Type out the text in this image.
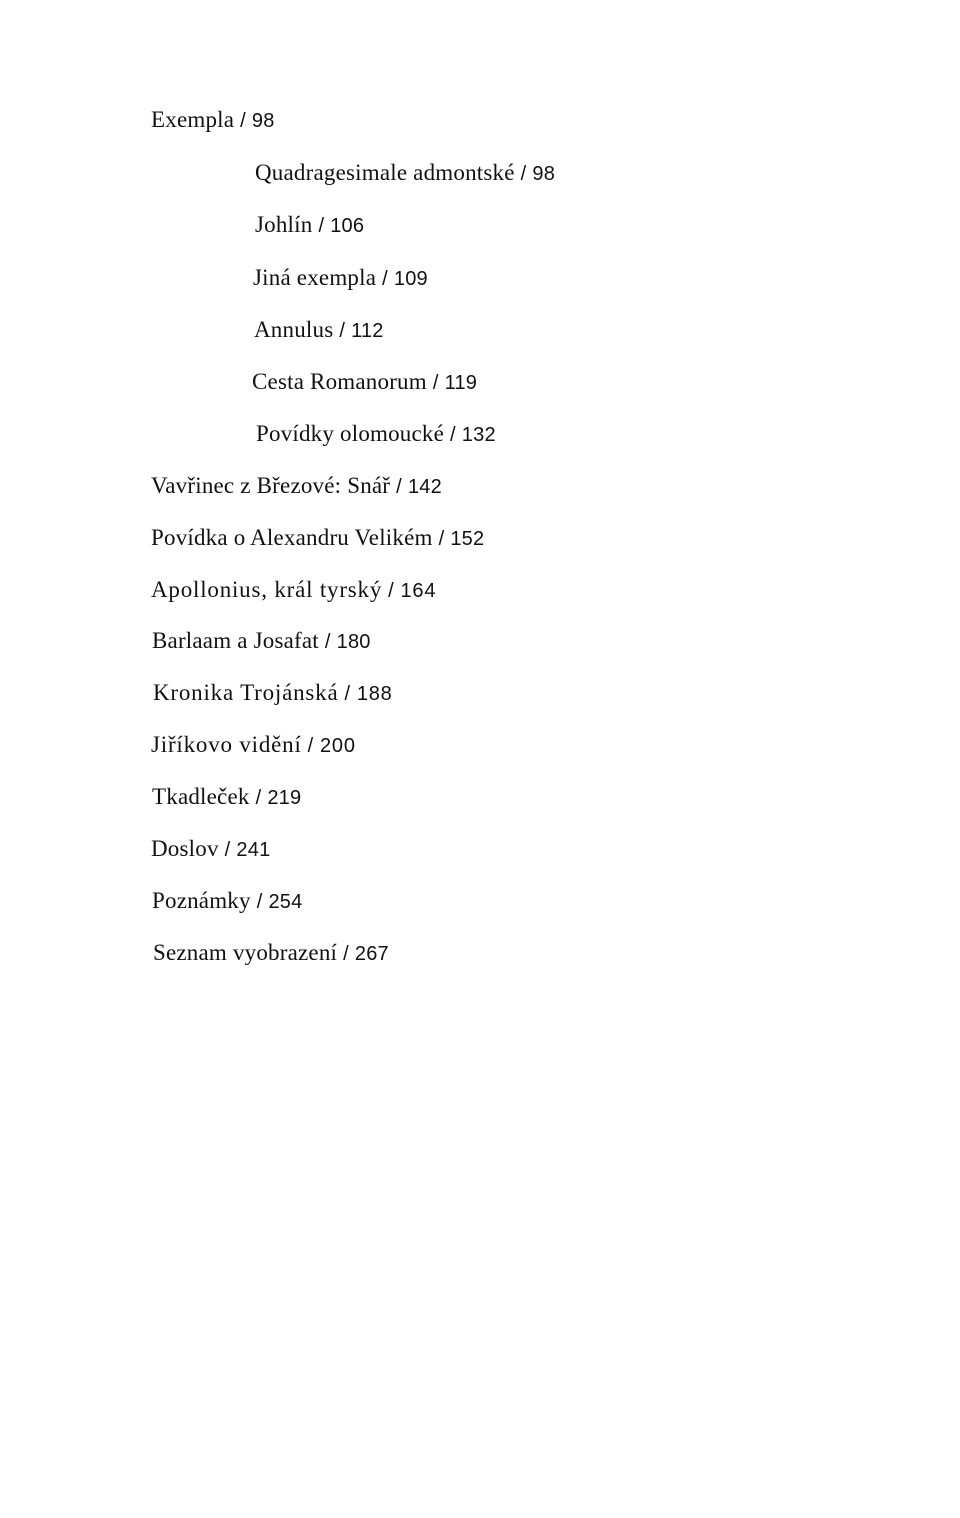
Exempla / 98
Quadragesimale admontské / 98
Johlín / 106
Jiná exempla / 109
Annulus / 112
Cesta Romanorum / 119
Povídky olomoucké / 132
Vavřinec z Březové: Snář / 142
Povídka o Alexandru Velikém / 152
Apollonius, král tyrský / 164
Barlaam a Josafat / 180
Kronika Trojánská / 188
Jiříkovo vidění / 200
Tkadleček / 219
Doslov / 241
Poznámky / 254
Seznam vyobrazení / 267
